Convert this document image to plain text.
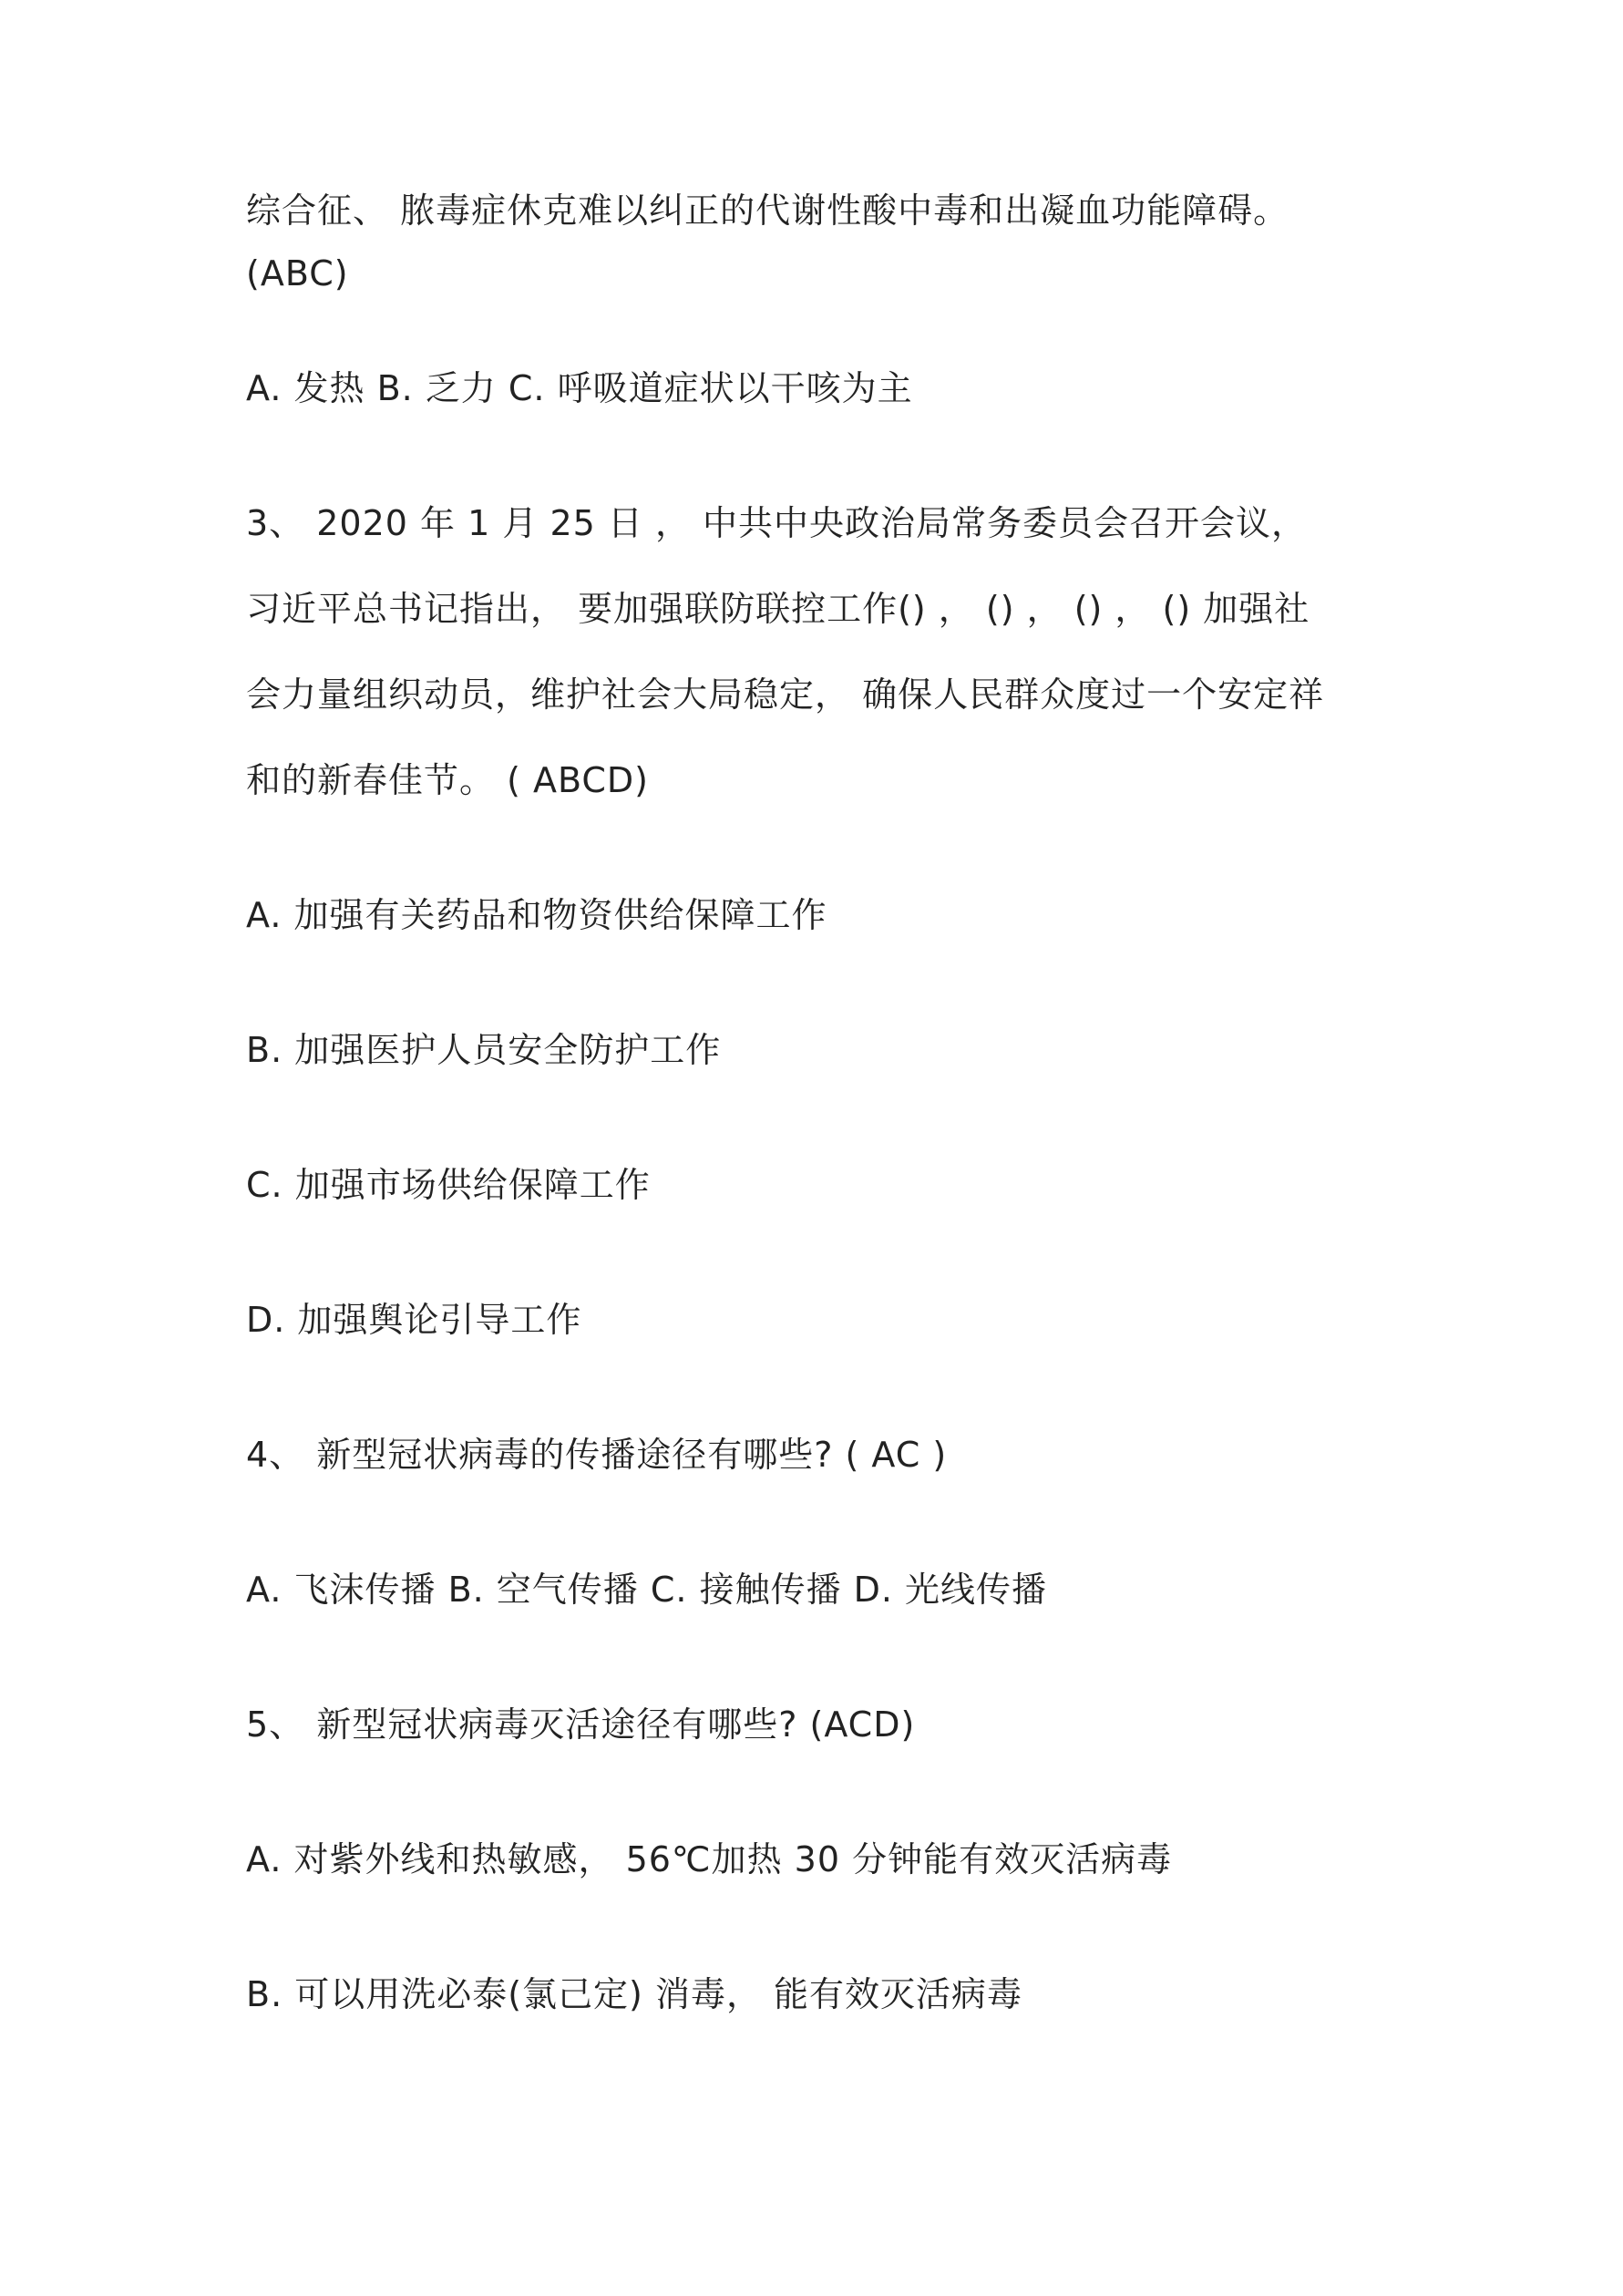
综合征、 脓毒症休克难以纠正的代谢性酸中毒和出凝血功能障碍。
(ABC)
A. 发热 B. 乏力 C. 呼吸道症状以干咳为主
3、 2020 年 1 月 25 日 ， 中共中央政治局常务委员会召开会议，
习近平总书记指出， 要加强联防联控工作() ， () ， () ， () 加强社
会力量组织动员，维护社会大局稳定， 确保人民群众度过一个安定祥
和的新春佳节。 ( ABCD)
A. 加强有关药品和物资供给保障工作
B. 加强医护人员安全防护工作
C. 加强市场供给保障工作
D. 加强舆论引导工作
4、 新型冠状病毒的传播途径有哪些? ( AC )
A. 飞沫传播 B. 空气传播 C. 接触传播 D. 光线传播
5、 新型冠状病毒灭活途径有哪些? (ACD)
A. 对紫外线和热敏感， 56℃加热 30 分钟能有效灭活病毒
B. 可以用洗必泰(氯己定) 消毒， 能有效灭活病毒
